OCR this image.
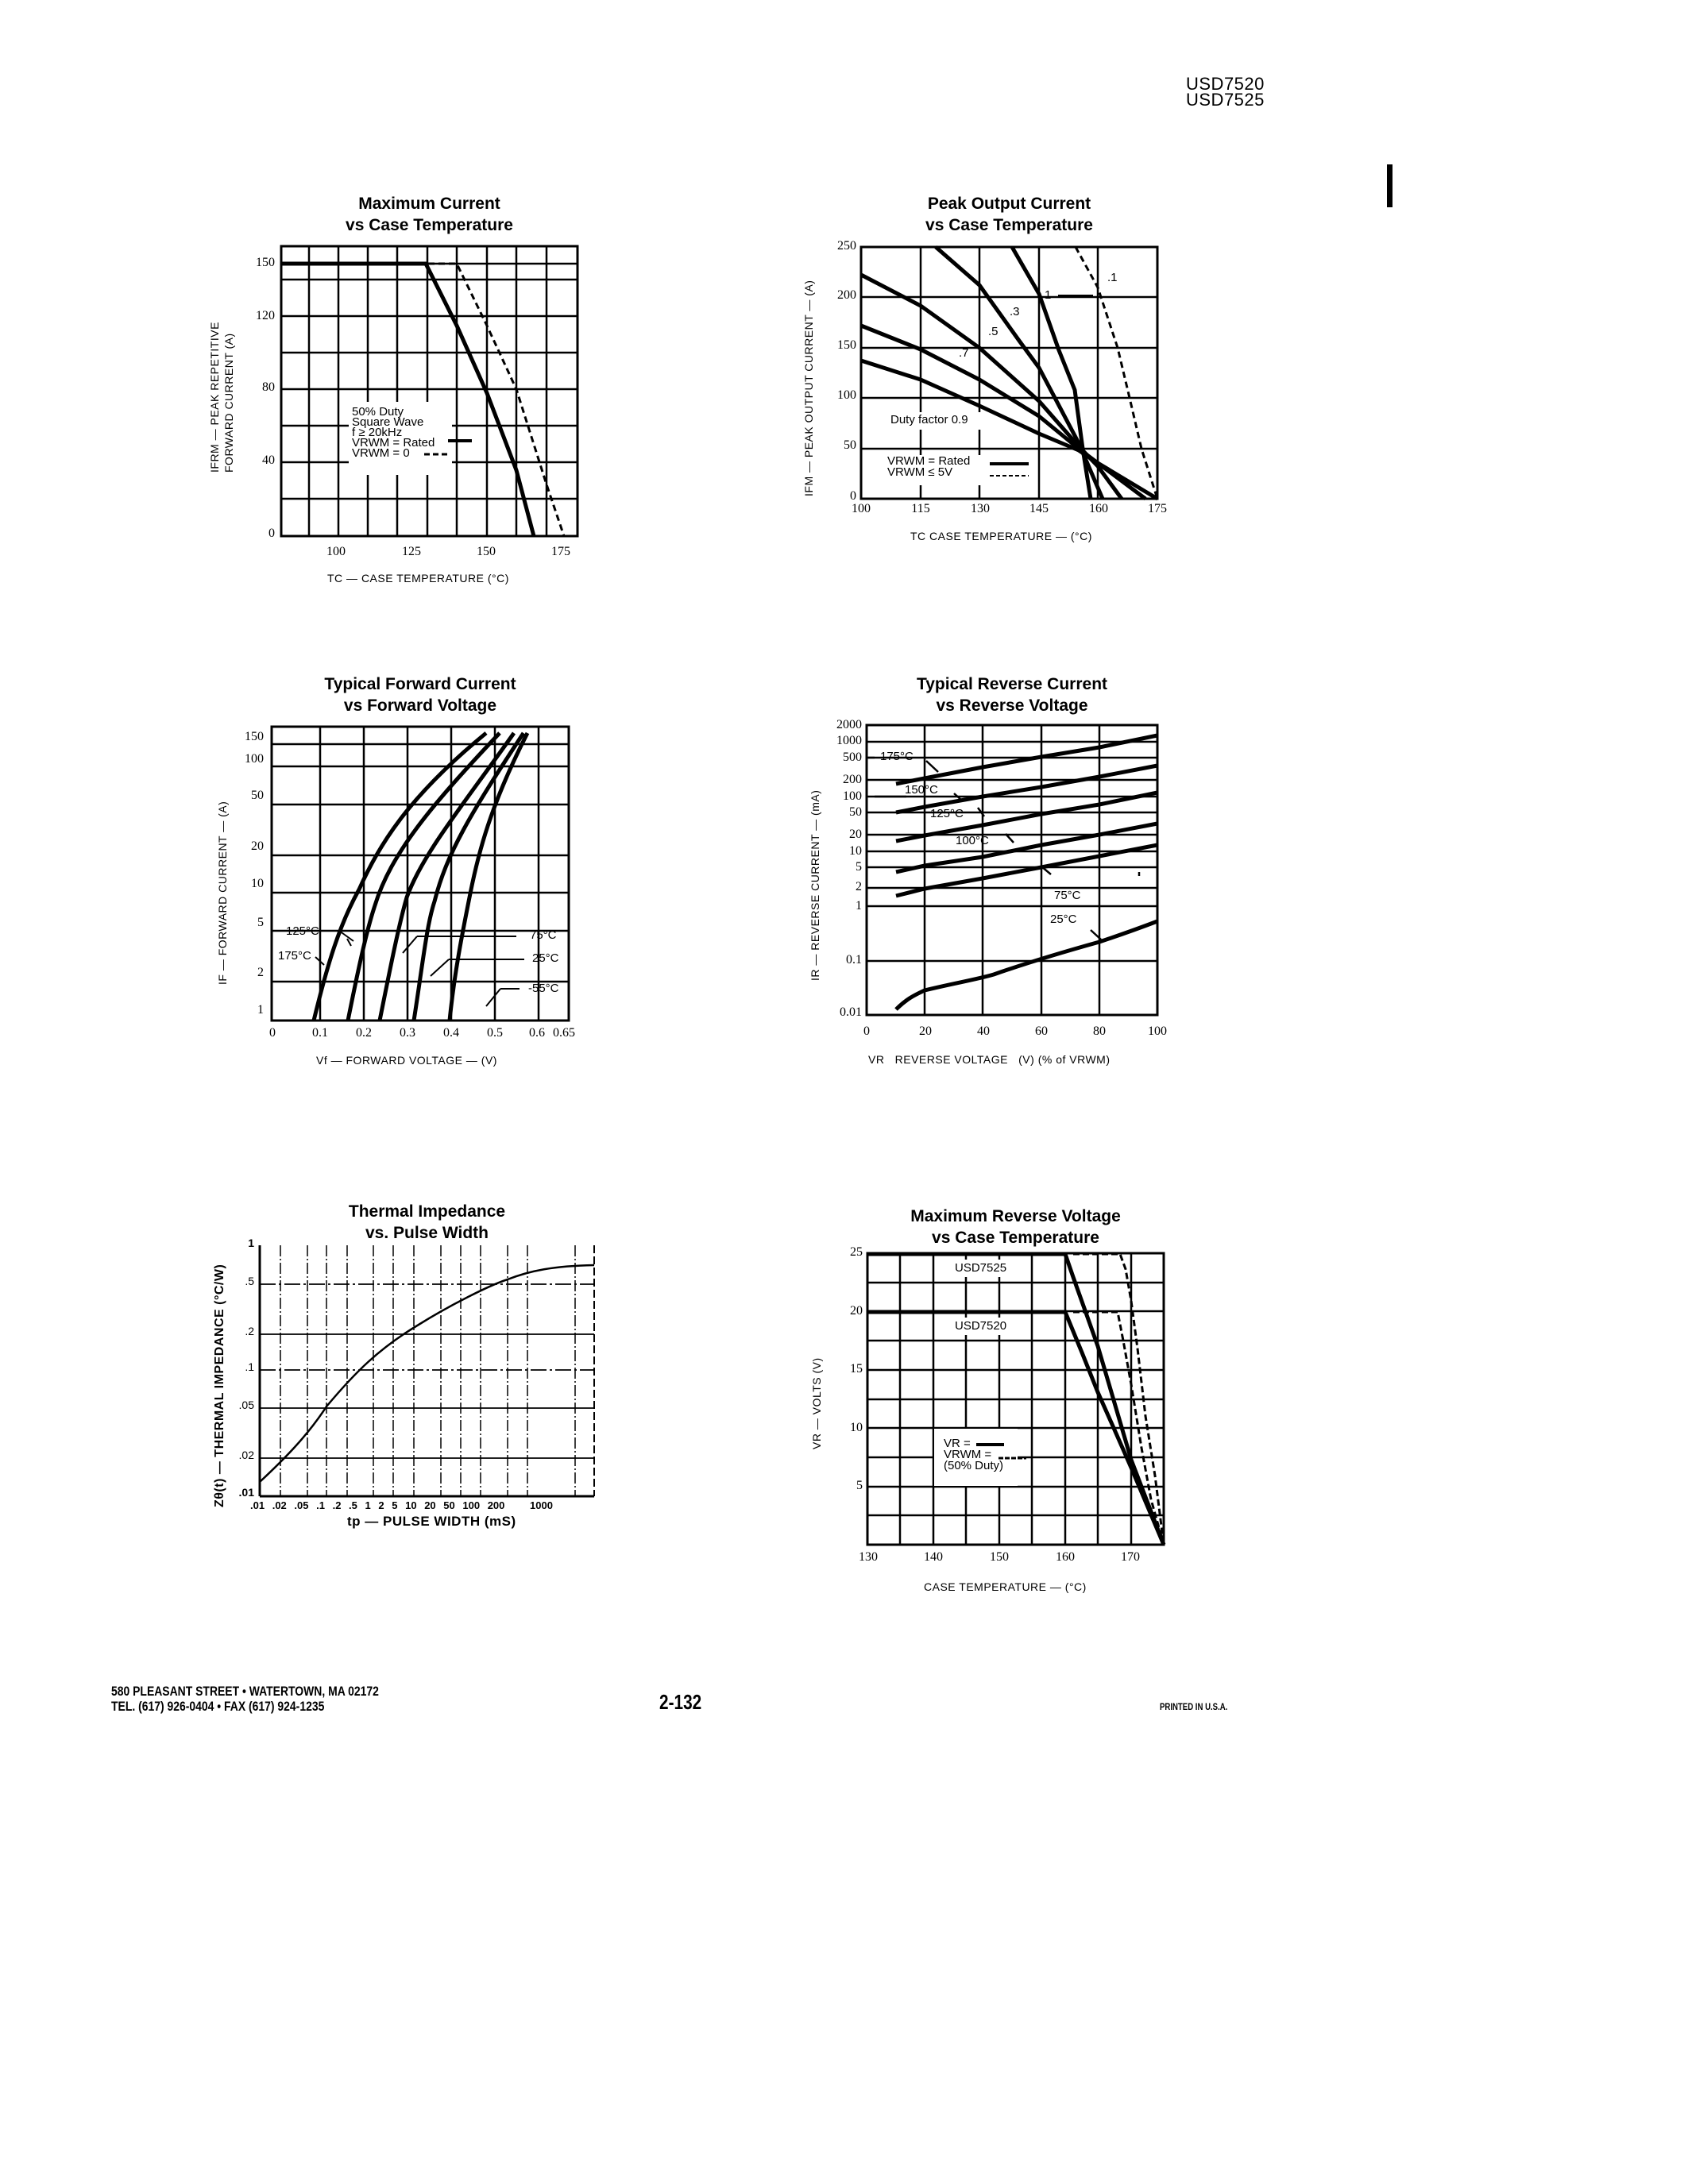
USD7520
USD7525
Maximum Current
vs Case Temperature
IFRM — PEAK REPETITIVE FORWARD CURRENT (A)
150
120
80
40
0
100	125	150	175
TC — CASE TEMPERATURE (°C)
50% Duty
Square Wave
f ≥ 20kHz
VRWM = Rated
VRWM = 0
Peak Output Current
vs Case Temperature
IFM — PEAK OUTPUT CURRENT — (A)
250
200
150
100
50
0
100	115	130	145	160	175
TC CASE TEMPERATURE — (°C)
.1
1
.3
.5
.7
Duty factor 0.9
VRWM = Rated
VRWM ≤ 5V
Typical Forward Current
vs Forward Voltage
IF — FORWARD CURRENT — (A)
150
100
50
20
10
5
2
1
0	0.1	0.2	0.3	0.4	0.5	0.6 0.65
Vf — FORWARD VOLTAGE — (V)
125°C
175°C
75°C
25°C
-55°C
Typical Reverse Current
vs Reverse Voltage
IR — REVERSE CURRENT — (mA)
2000
1000
500
200
100
50
20
10
5
2
1
0.1
0.01
0	20	40	60	80	100
VR   REVERSE VOLTAGE   (V) (% of VRWM)
175°C
150°C
125°C
100°C
75°C
25°C
Thermal Impedance
vs. Pulse Width
Zθ(t) — THERMAL IMPEDANCE (°C/W)
1
.5
.2
.1
.05
.02
.01
.01 .02 .05 .1 .2 .5 1 2 5 10 20 50 100 200 1000
tp — PULSE WIDTH (mS)
Maximum Reverse Voltage
vs Case Temperature
VR — VOLTS (V)
25
20
15
10
5
130	140	150	160	170
CASE TEMPERATURE — (°C)
USD7525
USD7520
VR =
VRWM =
(50% Duty)
580 PLEASANT STREET • WATERTOWN, MA 02172
TEL. (617) 926-0404 • FAX (617) 924-1235	2-132	PRINTED IN U.S.A.
